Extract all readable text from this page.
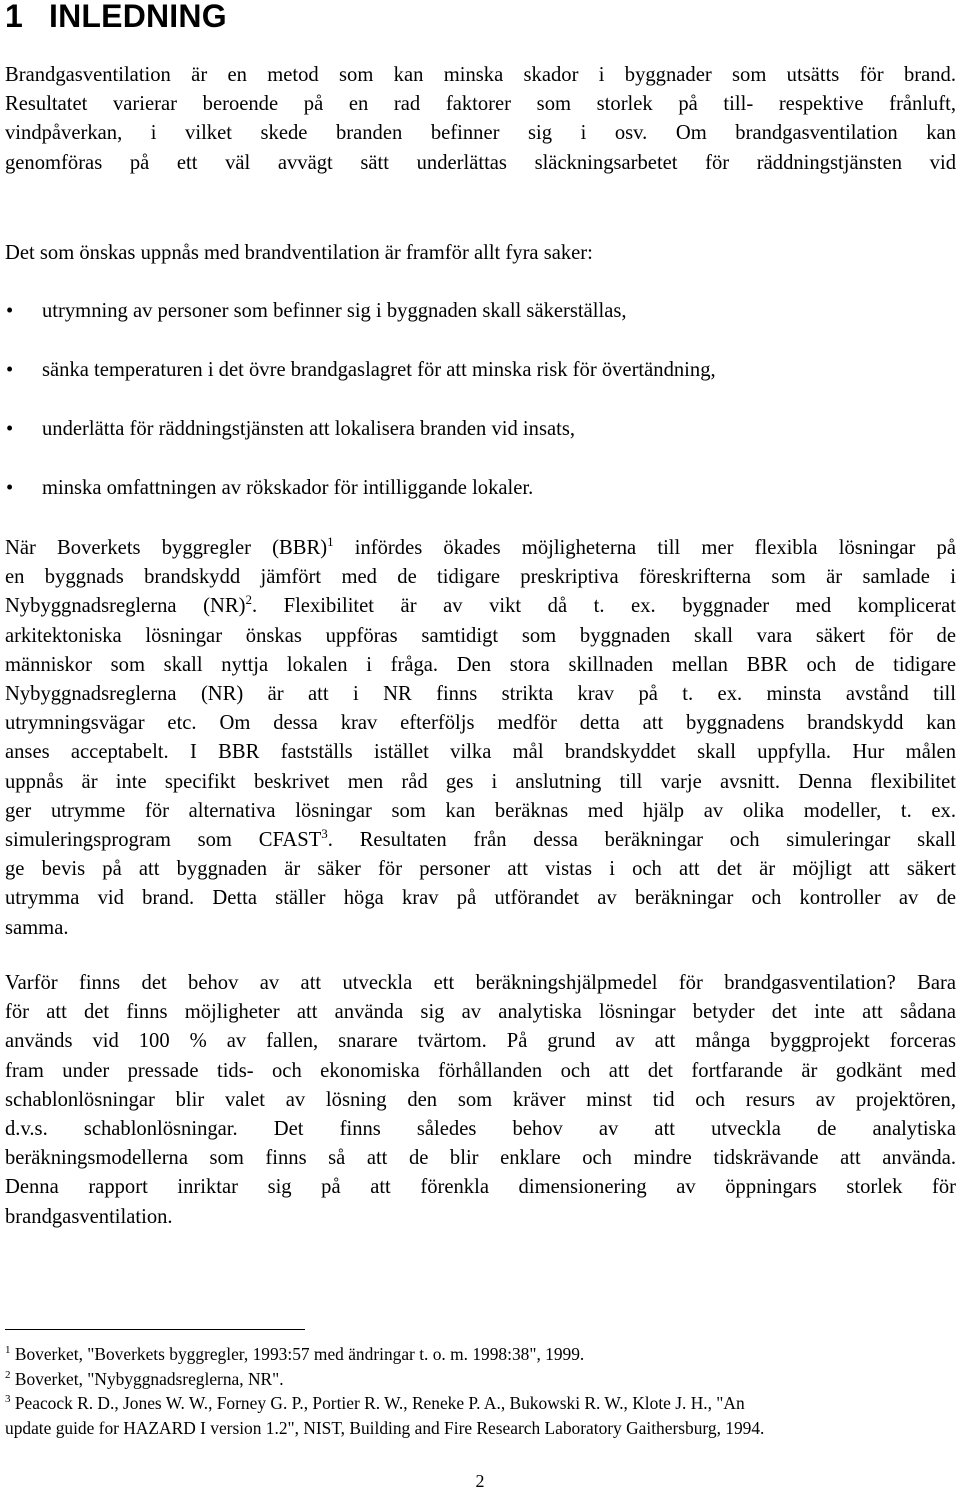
1 INLEDNING
Brandgasventilation är en metod som kan minska skador i byggnader som utsätts för brand.
Resultatet varierar beroende på en rad faktorer som storlek på till- respektive frånluft,
vindpåverkan, i vilket skede branden befinner sig i osv. Om brandgasventilation kan
genomföras på ett väl avvägt sätt underlättas släckningsarbetet för räddningstjänsten vid
Det som önskas uppnås med brandventilation är framför allt fyra saker:
• utrymning av personer som befinner sig i byggnaden skall säkerställas,
• sänka temperaturen i det övre brandgaslagret för att minska risk för övertändning,
• underlätta för räddningstjänsten att lokalisera branden vid insats,
• minska omfattningen av rökskador för intilliggande lokaler.
När Boverkets byggregler (BBR)$^1$ infördes ökades möjligheterna till mer flexibla lösningar på
en byggnads brandskydd jämfört med de tidigare preskriptiva föreskrifterna som är samlade i
Nybyggnadsreglerna (NR)$^2$. Flexibilitet är av vikt då t. ex. byggnader med komplicerat
arkitektoniska lösningar önskas uppföras samtidigt som byggnaden skall vara säkert för de
människor som skall nyttja lokalen i fråga. Den stora skillnaden mellan BBR och de tidigare
Nybyggnadsreglerna (NR) är att i NR finns strikta krav på t. ex. minsta avstånd till
utrymningsvägar etc. Om dessa krav efterföljs medför detta att byggnadens brandskydd kan
anses acceptabelt. I BBR fastställs istället vilka mål brandskyddet skall uppfylla. Hur målen
uppnås är inte specifikt beskrivet men råd ges i anslutning till varje avsnitt. Denna flexibilitet
ger utrymme för alternativa lösningar som kan beräknas med hjälp av olika modeller, t. ex.
simuleringsprogram som CFAST$^3$. Resultaten från dessa beräkningar och simuleringar skall
ge bevis på att byggnaden är säker för personer att vistas i och att det är möjligt att säkert
utrymma vid brand. Detta ställer höga krav på utförandet av beräkningar och kontroller av de
samma.
Varför finns det behov av att utveckla ett beräkningshjälpmedel för brandgasventilation? Bara
för att det finns möjligheter att använda sig av analytiska lösningar betyder det inte att sådana
används vid 100 % av fallen, snarare tvärtom. På grund av att många byggprojekt forceras
fram under pressade tids- och ekonomiska förhållanden och att det fortfarande är godkänt med
schablonlösningar blir valet av lösning den som kräver minst tid och resurs av projektören,
d.v.s. schablonlösningar. Det finns således behov av att utveckla de analytiska
beräkningsmodellerna som finns så att de blir enklare och mindre tidskrävande att använda.
Denna rapport inriktar sig på att förenkla dimensionering av öppningars storlek för
brandgasventilation.
$^1$ Boverket, "Boverkets byggregler, 1993:57 med ändringar t. o. m. 1998:38", 1999.
$^2$ Boverket, "Nybyggnadsreglerna, NR".
$^3$ Peacock R. D., Jones W. W., Forney G. P., Portier R. W., Reneke P. A., Bukowski R. W., Klote J. H., "An
update guide for HAZARD I version 1.2", NIST, Building and Fire Research Laboratory Gaithersburg, 1994.
2
